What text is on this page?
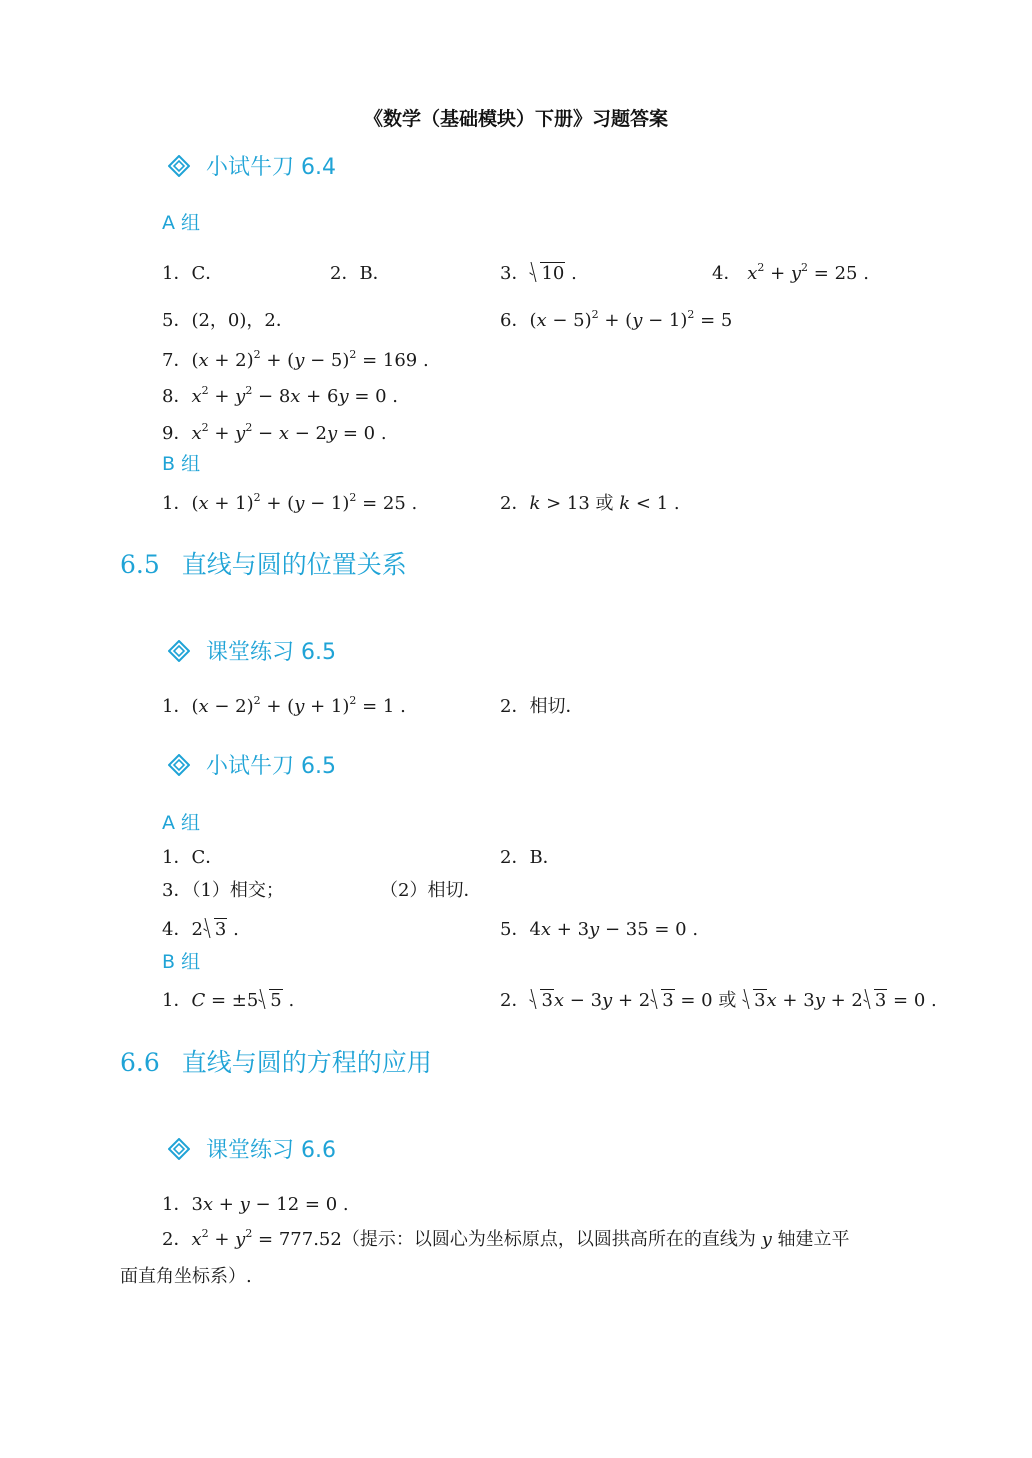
《数学（基础模块）下册》习题答案
小试牛刀 6.4
A 组
1．C．	2．B．	3． 10 .	4． $x^2 + y^2 = 25$ .
5．(2，0)，2．	6．$(x - 5)^2 + (y - 1)^2 = 5$
7．$(x + 2)^2 + (y - 5)^2 = 169$ .
8．$x^2 + y^2 - 8x + 6y = 0$ .
9．$x^2 + y^2 - x - 2y = 0$ .
B 组
1．$(x + 1)^2 + (y - 1)^2 = 25$ .	2．k > 13 或 k < 1 .
6.5 直线与圆的位置关系
课堂练习 6.5
1．$(x - 2)^2 + (y + 1)^2 = 1$ .	2．相切．
小试牛刀 6.5
A 组
1．C．	2．B．
3．（1）相交；	（2）相切．
4．2 3 .	5．4x + 3y − 35 = 0 .
B 组
1．C = ±5 5 .	2． 3x − 3y + 2 3 = 0 或 3x + 3y + 2 3 = 0 .
6.6 直线与圆的方程的应用
课堂练习 6.6
1．3x + y − 12 = 0 .
2．$x^2 + y^2 = 777.52$（提示：以圆心为坐标原点，以圆拱高所在的直线为 y 轴建立平
面直角坐标系）.
